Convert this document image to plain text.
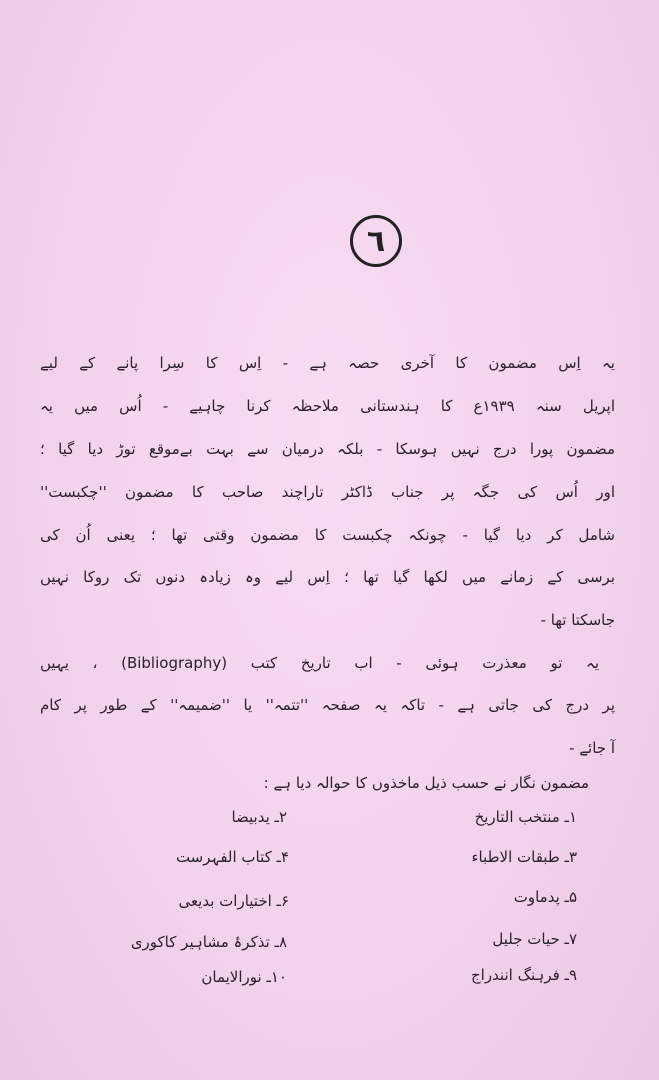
٦
یہ اِس مضمون کا آخری حصہ ہے - اِس کا سِرا پانے کے لیے
اپریل سنہ ۱۹۳۹ع کا ہندستانی ملاحظہ کرنا چاہیے - اُس میں یہ
مضمون پورا درج نہیں ہوسکا - بلکہ درمیان سے بہت بےموقع توڑ دیا گیا ؛
اور اُس کی جگہ پر جناب ڈاکٹر تاراچند صاحب کا مضمون ''چکبست''
شامل کر دیا گیا - چونکہ چکبست کا مضمون وقتی تھا ؛ یعنی اُن کی
برسی کے زمانے میں لکھا گیا تھا ؛ اِس لیے وہ زیادہ دنوں تک روکا نہیں
جاسکتا تھا -
یہ تو معذرت ہوئی - اب تاریخ کتب (Bibliography) ، یہیں
پر درج کی جاتی ہے - تاکہ یہ صفحہ ''تتمہ'' یا ''ضمیمہ'' کے طور پر کام
آ جائے -
مضمون نگار نے حسب ذیل ماخذوں کا حوالہ دیا ہے :
۱ـ منتخب التاریخ
۲ـ یدبیضا
۳ـ طبقات الاطباء
۴ـ کتاب الفہرست
۵ـ پدماوت
۶ـ اختیارات بدیعی
۷ـ حیات جلیل
۸ـ تذکرۂ مشاہیر کاکوری
۹ـ فرہنگ انندراج
۱۰ـ نورالایمان
